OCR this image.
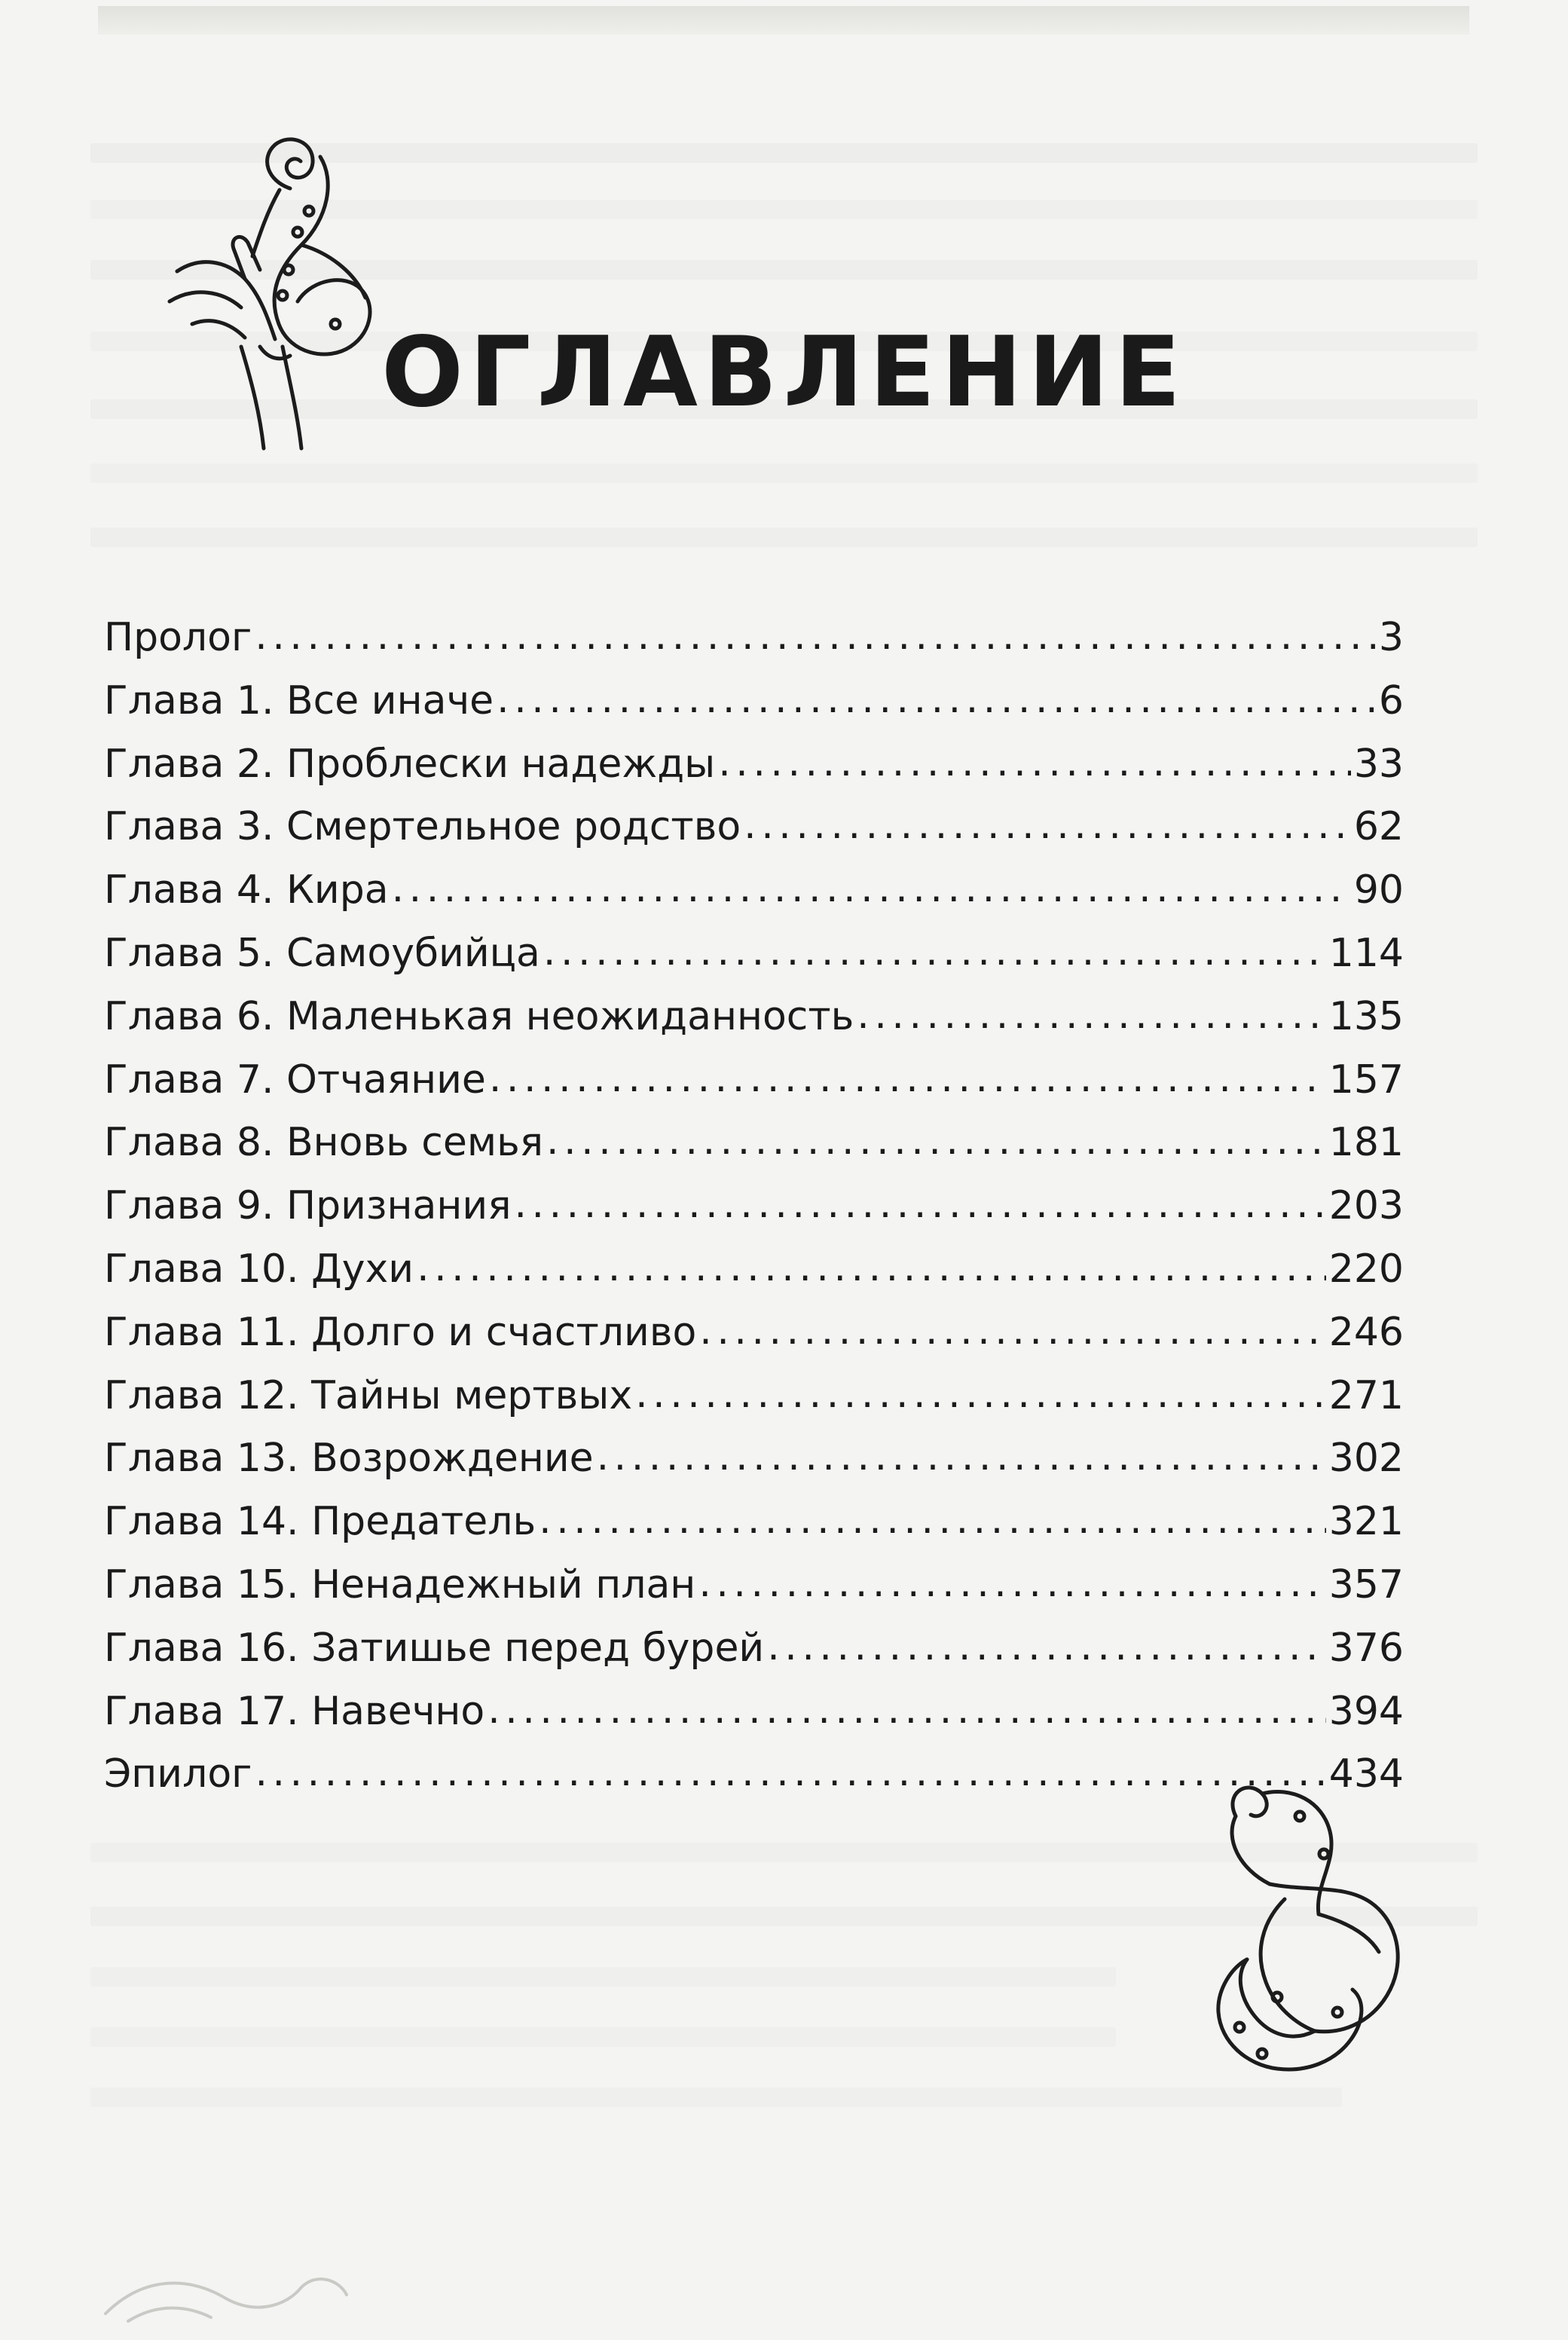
ОГЛАВЛЕНИЕ
Пролог . . .	3
Глава 1. Все иначе . . .	6
Глава 2. Проблески надежды . . .	33
Глава 3. Смертельное родство . . .	62
Глава 4. Кира . . .	90
Глава 5. Самоубийца . . .	114
Глава 6. Маленькая неожиданность . . .	135
Глава 7. Отчаяние . . .	157
Глава 8. Вновь семья . . .	181
Глава 9. Признания . . .	203
Глава 10. Духи . . .	220
Глава 11. Долго и счастливо . . .	246
Глава 12. Тайны мертвых . . .	271
Глава 13. Возрождение . . .	302
Глава 14. Предатель . . .	321
Глава 15. Ненадежный план . . .	357
Глава 16. Затишье перед бурей . . .	376
Глава 17. Навечно . . .	394
Эпилог . . .	434
